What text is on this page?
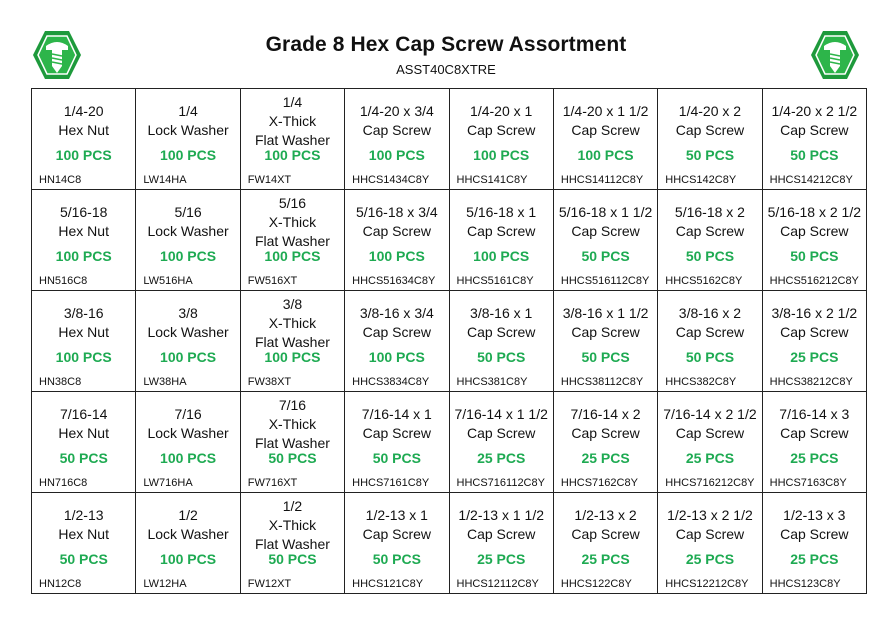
Grade 8 Hex Cap Screw Assortment
ASST40C8XTRE
1/4-20
Hex Nut
100 PCS
HN14C8
1/4
Lock Washer
100 PCS
LW14HA
1/4
X-Thick
Flat Washer
100 PCS
FW14XT
1/4-20 x 3/4
Cap Screw
100 PCS
HHCS1434C8Y
1/4-20 x 1
Cap Screw
100 PCS
HHCS141C8Y
1/4-20 x 1 1/2
Cap Screw
100 PCS
HHCS14112C8Y
1/4-20 x 2
Cap Screw
50 PCS
HHCS142C8Y
1/4-20 x 2 1/2
Cap Screw
50 PCS
HHCS14212C8Y
5/16-18
Hex Nut
100 PCS
HN516C8
5/16
Lock Washer
100 PCS
LW516HA
5/16
X-Thick
Flat Washer
100 PCS
FW516XT
5/16-18 x 3/4
Cap Screw
100 PCS
HHCS51634C8Y
5/16-18 x 1
Cap Screw
100 PCS
HHCS5161C8Y
5/16-18 x 1 1/2
Cap Screw
50 PCS
HHCS516112C8Y
5/16-18 x 2
Cap Screw
50 PCS
HHCS5162C8Y
5/16-18 x 2 1/2
Cap Screw
50 PCS
HHCS516212C8Y
3/8-16
Hex Nut
100 PCS
HN38C8
3/8
Lock Washer
100 PCS
LW38HA
3/8
X-Thick
Flat Washer
100 PCS
FW38XT
3/8-16 x 3/4
Cap Screw
100 PCS
HHCS3834C8Y
3/8-16 x 1
Cap Screw
50 PCS
HHCS381C8Y
3/8-16 x 1 1/2
Cap Screw
50 PCS
HHCS38112C8Y
3/8-16 x 2
Cap Screw
50 PCS
HHCS382C8Y
3/8-16 x 2 1/2
Cap Screw
25 PCS
HHCS38212C8Y
7/16-14
Hex Nut
50 PCS
HN716C8
7/16
Lock Washer
100 PCS
LW716HA
7/16
X-Thick
Flat Washer
50 PCS
FW716XT
7/16-14 x 1
Cap Screw
50 PCS
HHCS7161C8Y
7/16-14 x 1 1/2
Cap Screw
25 PCS
HHCS716112C8Y
7/16-14 x 2
Cap Screw
25 PCS
HHCS7162C8Y
7/16-14 x 2 1/2
Cap Screw
25 PCS
HHCS716212C8Y
7/16-14 x 3
Cap Screw
25 PCS
HHCS7163C8Y
1/2-13
Hex Nut
50 PCS
HN12C8
1/2
Lock Washer
100 PCS
LW12HA
1/2
X-Thick
Flat Washer
50 PCS
FW12XT
1/2-13 x 1
Cap Screw
50 PCS
HHCS121C8Y
1/2-13 x 1 1/2
Cap Screw
25 PCS
HHCS12112C8Y
1/2-13 x 2
Cap Screw
25 PCS
HHCS122C8Y
1/2-13 x 2 1/2
Cap Screw
25 PCS
HHCS12212C8Y
1/2-13 x 3
Cap Screw
25 PCS
HHCS123C8Y
